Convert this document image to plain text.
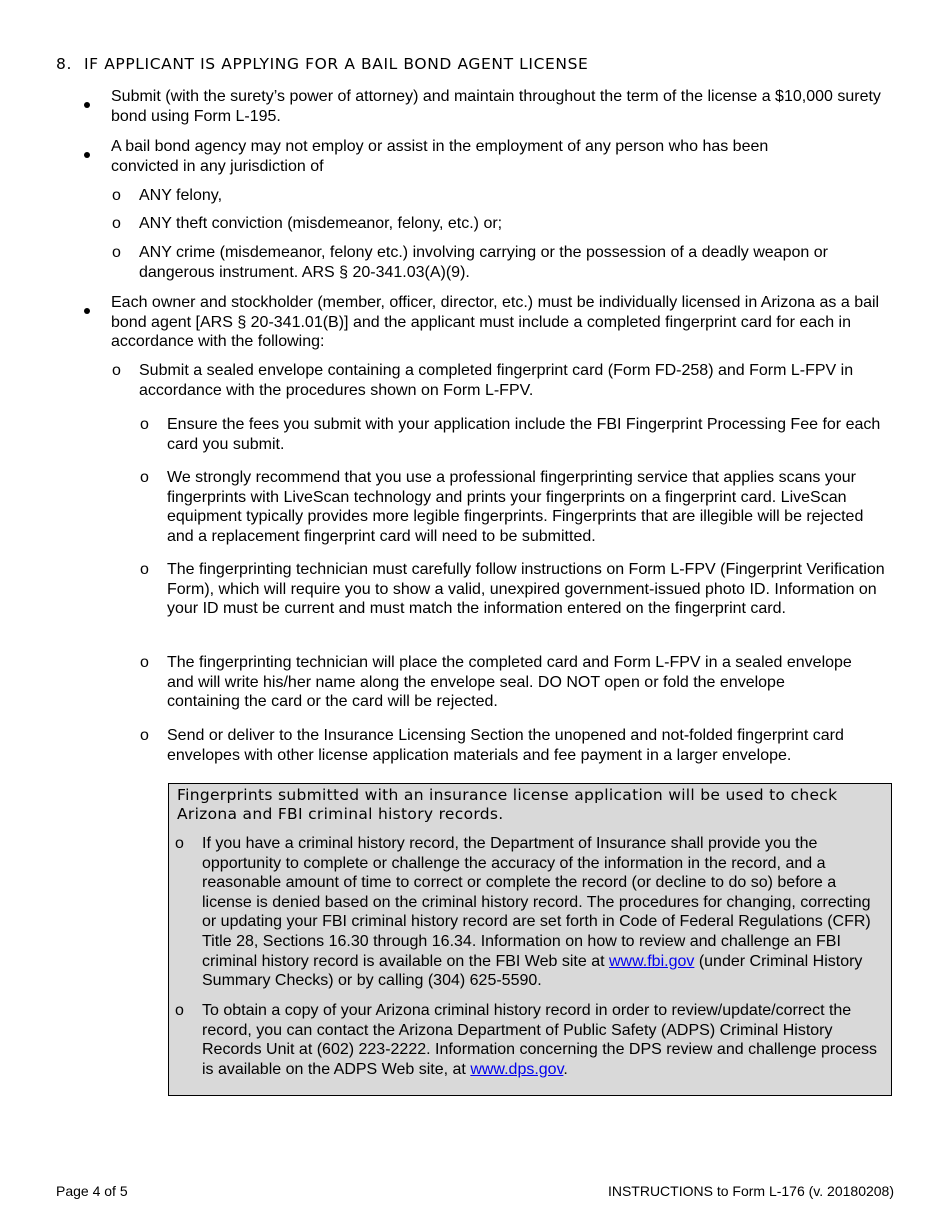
8. IF APPLICANT IS APPLYING FOR A BAIL BOND AGENT LICENSE

Submit (with the surety’s power of attorney) and maintain throughout the term of the license a $10,000 surety bond using Form L-195.

A bail bond agency may not employ or assist in the employment of any person who has been convicted in any jurisdiction of

o ANY felony,

o ANY theft conviction (misdemeanor, felony, etc.) or;

o ANY crime (misdemeanor, felony etc.) involving carrying or the possession of a deadly weapon or dangerous instrument. ARS § 20-341.03(A)(9).

Each owner and stockholder (member, officer, director, etc.) must be individually licensed in Arizona as a bail bond agent [ARS § 20-341.01(B)] and the applicant must include a completed fingerprint card for each in accordance with the following:

o Submit a sealed envelope containing a completed fingerprint card (Form FD-258) and Form L-FPV in accordance with the procedures shown on Form L-FPV.

o Ensure the fees you submit with your application include the FBI Fingerprint Processing Fee for each card you submit.

o We strongly recommend that you use a professional fingerprinting service that applies scans your fingerprints with LiveScan technology and prints your fingerprints on a fingerprint card. LiveScan equipment typically provides more legible fingerprints. Fingerprints that are illegible will be rejected and a replacement fingerprint card will need to be submitted.

o The fingerprinting technician must carefully follow instructions on Form L-FPV (Fingerprint Verification Form), which will require you to show a valid, unexpired government-issued photo ID. Information on your ID must be current and must match the information entered on the fingerprint card.

o The fingerprinting technician will place the completed card and Form L-FPV in a sealed envelope and will write his/her name along the envelope seal. DO NOT open or fold the envelope containing the card or the card will be rejected.

o Send or deliver to the Insurance Licensing Section the unopened and not-folded fingerprint card envelopes with other license application materials and fee payment in a larger envelope.

Fingerprints submitted with an insurance license application will be used to check Arizona and FBI criminal history records.
o If you have a criminal history record, the Department of Insurance shall provide you the opportunity to complete or challenge the accuracy of the information in the record, and a reasonable amount of time to correct or complete the record (or decline to do so) before a license is denied based on the criminal history record. The procedures for changing, correcting or updating your FBI criminal history record are set forth in Code of Federal Regulations (CFR) Title 28, Sections 16.30 through 16.34. Information on how to review and challenge an FBI criminal history record is available on the FBI Web site at www.fbi.gov (under Criminal History Summary Checks) or by calling (304) 625-5590.

o To obtain a copy of your Arizona criminal history record in order to review/update/correct the record, you can contact the Arizona Department of Public Safety (ADPS) Criminal History Records Unit at (602) 223-2222. Information concerning the DPS review and challenge process is available on the ADPS Web site, at www.dps.gov.

Page 4 of 5	INSTRUCTIONS to Form L-176 (v. 20180208)
